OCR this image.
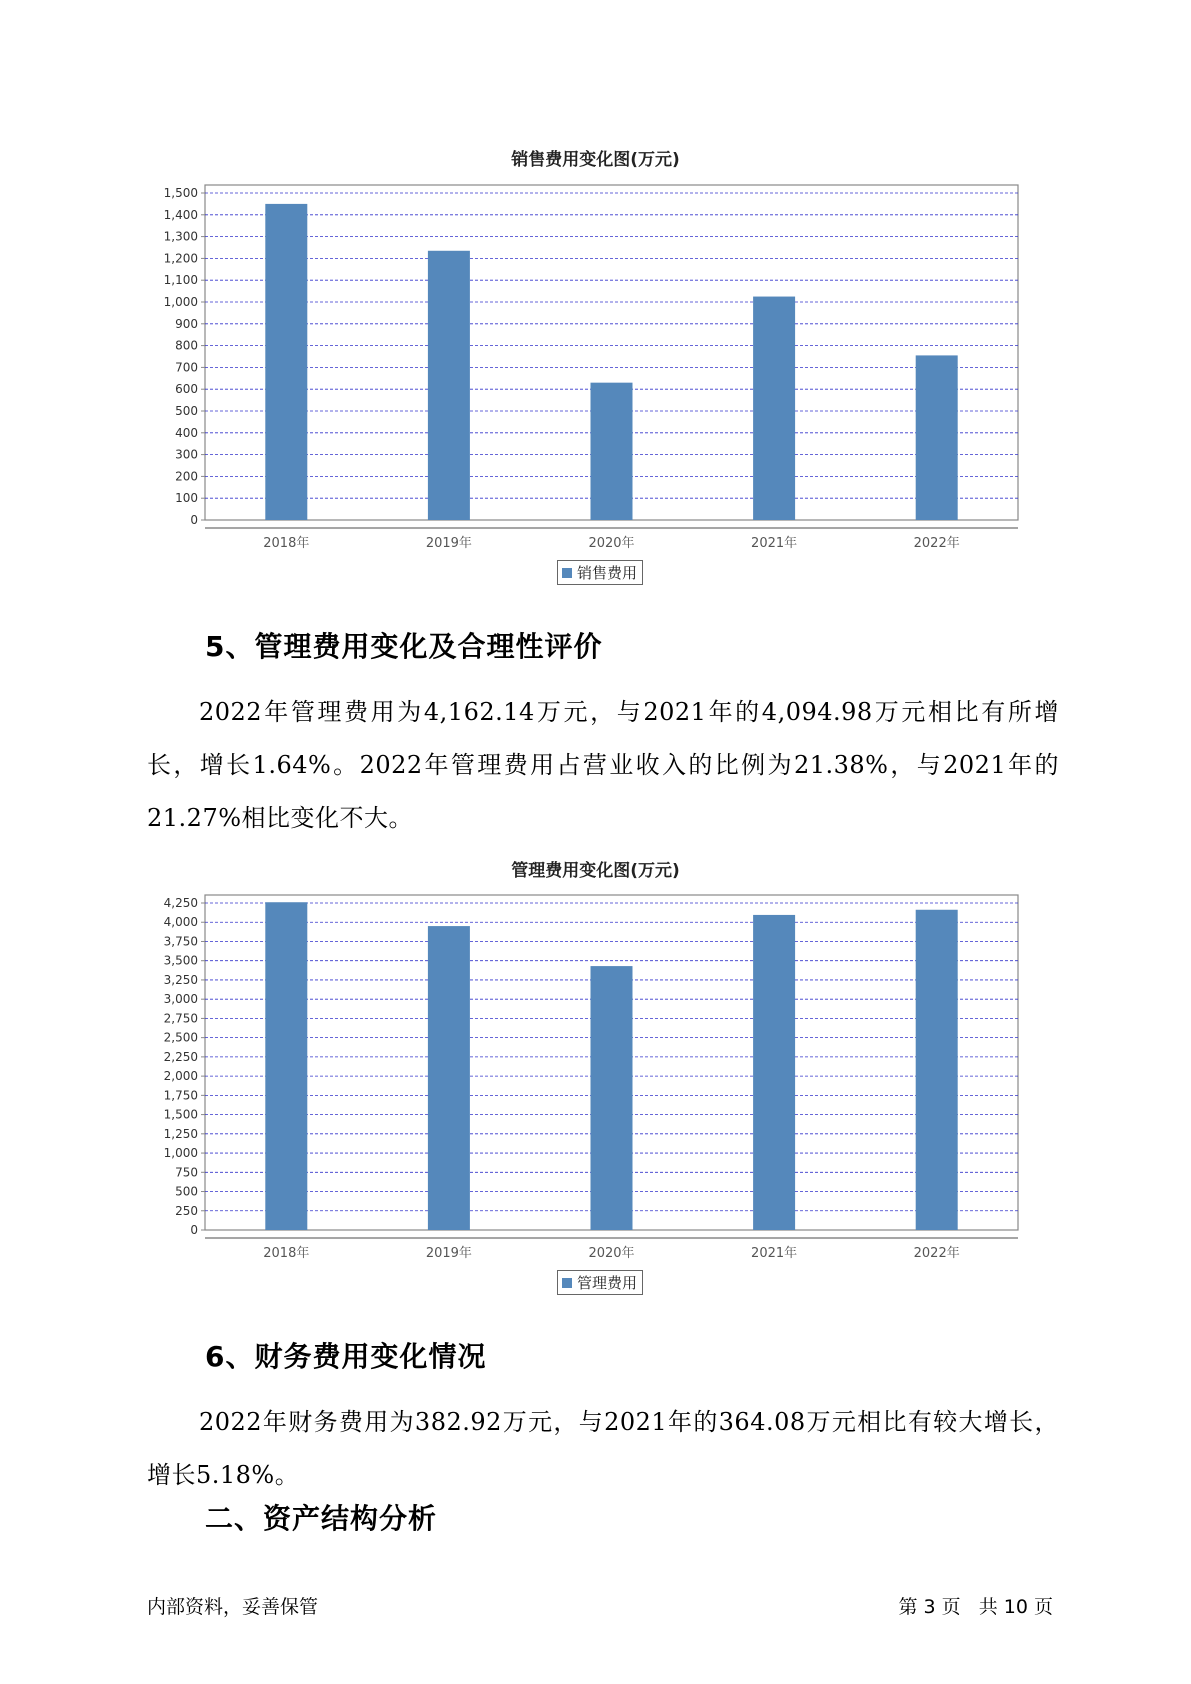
销售费用变化图(万元)
0
100
200
300
400
500
600
700
800
900
1,000
1,100
1,200
1,300
1,400
1,500
2018年	2019年	2020年	2021年	2022年
销售费用
5、管理费用变化及合理性评价
2022年管理费用为4,162.14万元，与2021年的4,094.98万元相比有所增长，增长1.64%。2022年管理费用占营业收入的比例为21.38%，与2021年的21.27%相比变化不大。
管理费用变化图(万元)
0
250
500
750
1,000
1,250
1,500
1,750
2,000
2,250
2,500
2,750
3,000
3,250
3,500
3,750
4,000
4,250
2018年	2019年	2020年	2021年	2022年
管理费用
6、财务费用变化情况
2022年财务费用为382.92万元，与2021年的364.08万元相比有较大增长，增长5.18%。
二、资产结构分析
内部资料，妥善保管	第 3 页   共 10 页
